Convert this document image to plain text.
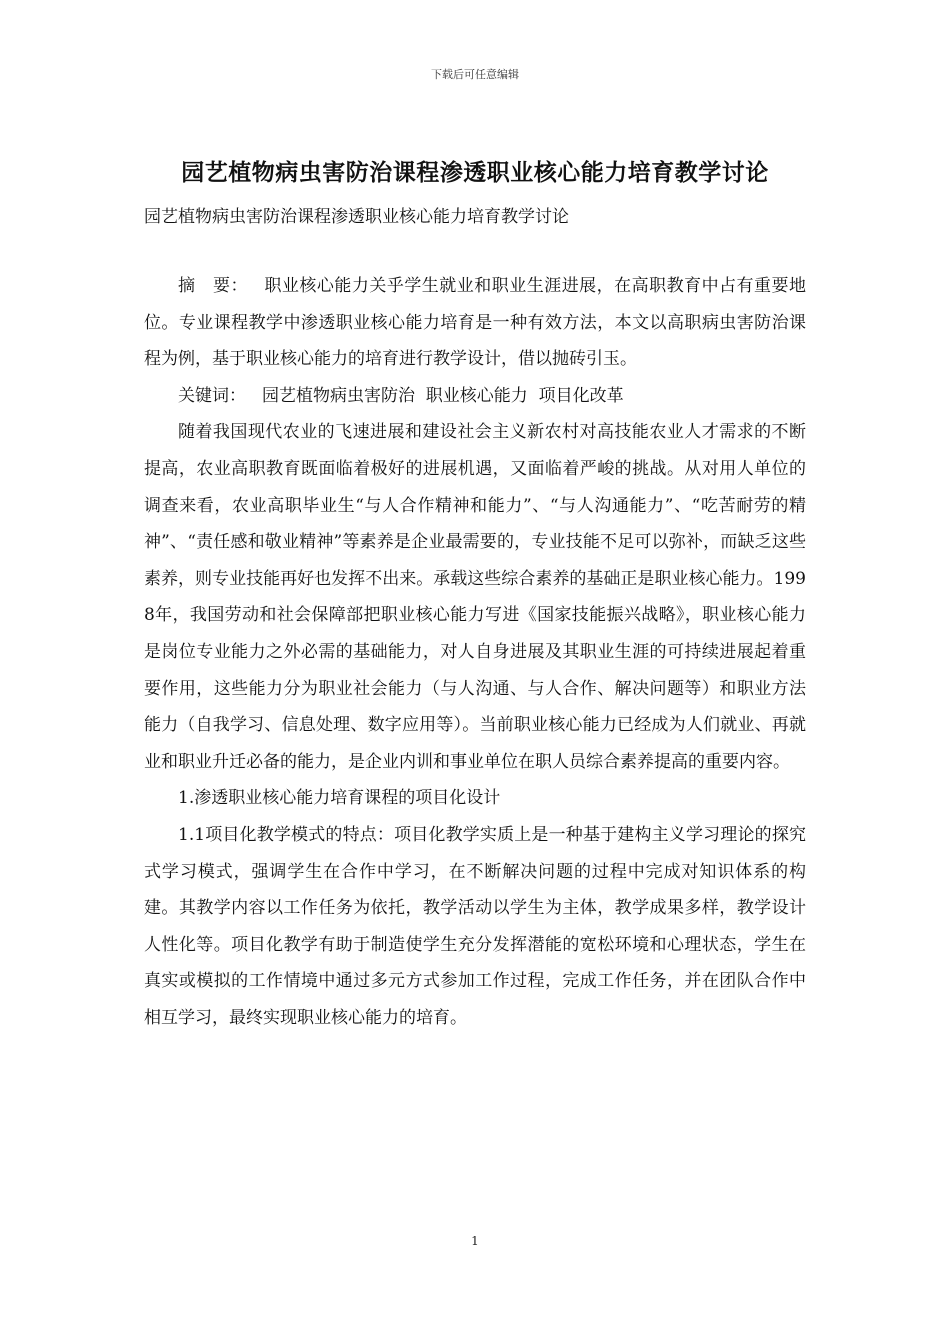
下载后可任意编辑
园艺植物病虫害防治课程渗透职业核心能力培育教学讨论

园艺植物病虫害防治课程渗透职业核心能力培育教学讨论

摘　要： 职业核心能力关乎学生就业和职业生涯进展，在高职教育中占有重要地位。专业课程教学中渗透职业核心能力培育是一种有效方法，本文以高职病虫害防治课程为例，基于职业核心能力的培育进行教学设计，借以抛砖引玉。

关键词： 园艺植物病虫害防治  职业核心能力  项目化改革

随着我国现代农业的飞速进展和建设社会主义新农村对高技能农业人才需求的不断提高，农业高职教育既面临着极好的进展机遇，又面临着严峻的挑战。从对用人单位的调查来看，农业高职毕业生“与人合作精神和能力”、“与人沟通能力”、“吃苦耐劳的精神”、“责任感和敬业精神”等素养是企业最需要的，专业技能不足可以弥补，而缺乏这些素养，则专业技能再好也发挥不出来。承载这些综合素养的基础正是职业核心能力。1998年，我国劳动和社会保障部把职业核心能力写进《国家技能振兴战略》，职业核心能力是岗位专业能力之外必需的基础能力，对人自身进展及其职业生涯的可持续进展起着重要作用，这些能力分为职业社会能力（与人沟通、与人合作、解决问题等）和职业方法能力（自我学习、信息处理、数字应用等）。当前职业核心能力已经成为人们就业、再就业和职业升迁必备的能力，是企业内训和事业单位在职人员综合素养提高的重要内容。

1.渗透职业核心能力培育课程的项目化设计

1.1项目化教学模式的特点：项目化教学实质上是一种基于建构主义学习理论的探究式学习模式，强调学生在合作中学习，在不断解决问题的过程中完成对知识体系的构建。其教学内容以工作任务为依托，教学活动以学生为主体，教学成果多样，教学设计人性化等。项目化教学有助于制造使学生充分发挥潜能的宽松环境和心理状态，学生在真实或模拟的工作情境中通过多元方式参加工作过程，完成工作任务，并在团队合作中相互学习，最终实现职业核心能力的培育。

1
